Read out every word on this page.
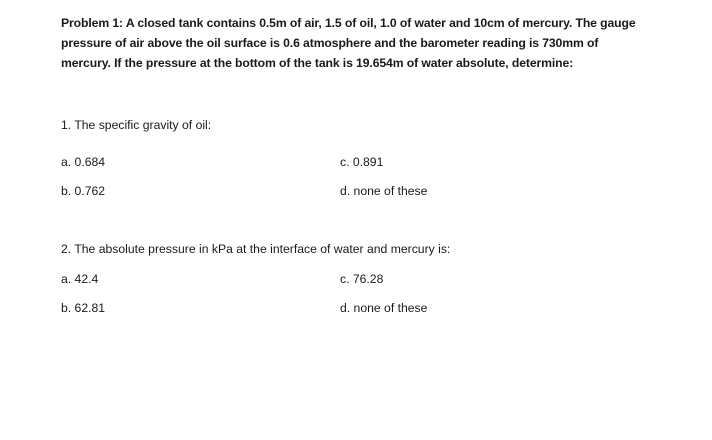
Problem 1: A closed tank contains 0.5m of air, 1.5 of oil, 1.0 of water and 10cm of mercury. The gauge
pressure of air above the oil surface is 0.6 atmosphere and the barometer reading is 730mm of
mercury. If the pressure at the bottom of the tank is 19.654m of water absolute, determine:
1. The specific gravity of oil:
a. 0.684	c. 0.891
b. 0.762	d. none of these
2. The absolute pressure in kPa at the interface of water and mercury is:
a. 42.4	c. 76.28
b. 62.81	d. none of these
